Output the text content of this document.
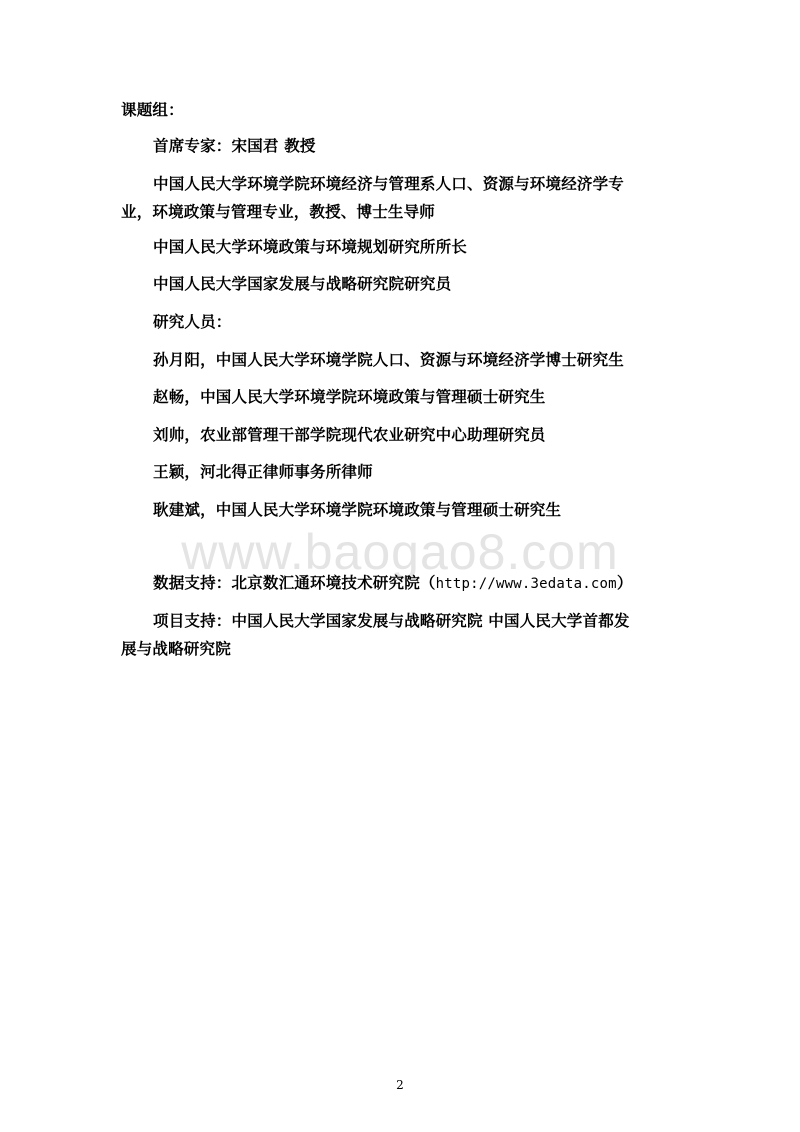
课题组：
首席专家：宋国君 教授
中国人民大学环境学院环境经济与管理系人口、资源与环境经济学专
业，环境政策与管理专业，教授、博士生导师
中国人民大学环境政策与环境规划研究所所长
中国人民大学国家发展与战略研究院研究员
研究人员：
孙月阳，中国人民大学环境学院人口、资源与环境经济学博士研究生
赵畅，中国人民大学环境学院环境政策与管理硕士研究生
刘帅，农业部管理干部学院现代农业研究中心助理研究员
王颖，河北得正律师事务所律师
耿建斌，中国人民大学环境学院环境政策与管理硕士研究生
www.baogao8.com
数据支持：北京数汇通环境技术研究院（http://www.3edata.com）
项目支持：中国人民大学国家发展与战略研究院 中国人民大学首都发
展与战略研究院
2
